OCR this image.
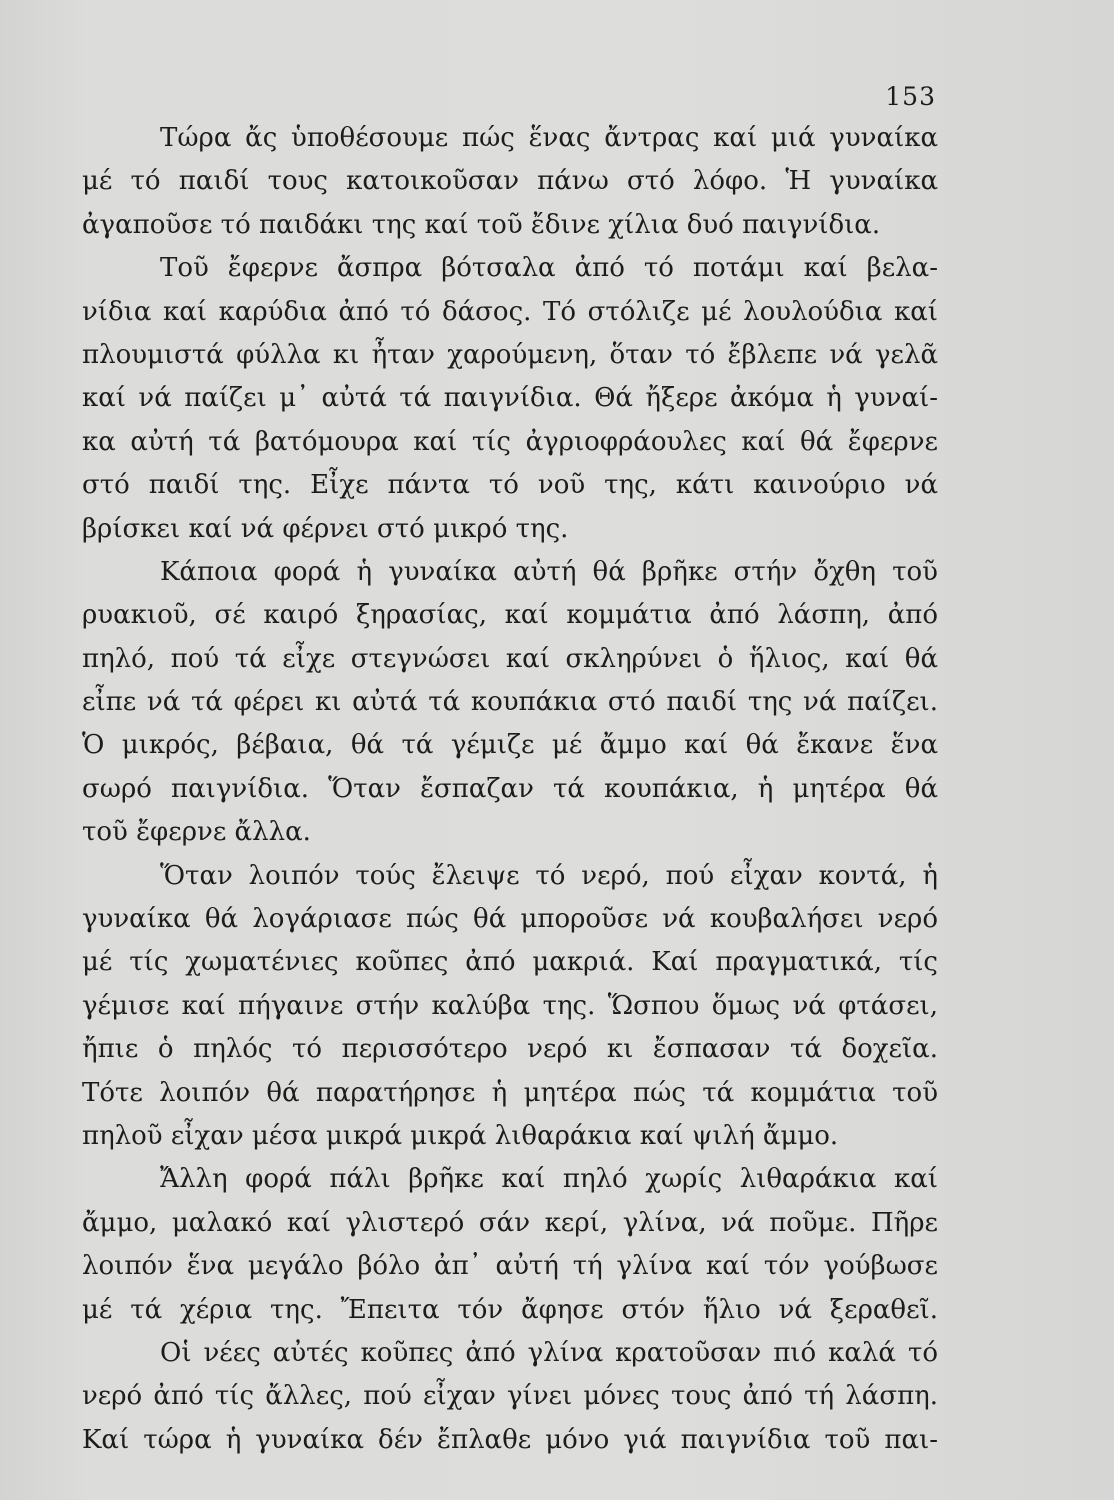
153
Τώρα ἄς ὑποθέσουμε πώς ἕνας ἄντρας καί μιά γυναίκα
μέ τό παιδί τους κατοικοῦσαν πάνω στό λόφο. Ἡ γυναίκα
ἀγαποῦσε τό παιδάκι της καί τοῦ ἔδινε χίλια δυό παιγνίδια.
Τοῦ ἔφερνε ἄσπρα βότσαλα ἀπό τό ποτάμι καί βελα-
νίδια καί καρύδια ἀπό τό δάσος. Τό στόλιζε μέ λουλούδια καί
πλουμιστά φύλλα κι ἦταν χαρούμενη, ὅταν τό ἔβλεπε νά γελᾶ
καί νά παίζει μ᾿ αὐτά τά παιγνίδια. Θά ἤξερε ἀκόμα ἡ γυναί-
κα αὐτή τά βατόμουρα καί τίς ἀγριοφράουλες καί θά ἔφερνε
στό παιδί της. Εἶχε πάντα τό νοῦ της, κάτι καινούριο νά
βρίσκει καί νά φέρνει στό μικρό της.
Κάποια φορά ἡ γυναίκα αὐτή θά βρῆκε στήν ὄχθη τοῦ
ρυακιοῦ, σέ καιρό ξηρασίας, καί κομμάτια ἀπό λάσπη, ἀπό
πηλό, πού τά εἶχε στεγνώσει καί σκληρύνει ὁ ἥλιος, καί θά
εἶπε νά τά φέρει κι αὐτά τά κουπάκια στό παιδί της νά παίζει.
Ὁ μικρός, βέβαια, θά τά γέμιζε μέ ἄμμο καί θά ἔκανε ἕνα
σωρό παιγνίδια. Ὅταν ἔσπαζαν τά κουπάκια, ἡ μητέρα θά
τοῦ ἔφερνε ἄλλα.
Ὅταν λοιπόν τούς ἔλειψε τό νερό, πού εἶχαν κοντά, ἡ
γυναίκα θά λογάριασε πώς θά μποροῦσε νά κουβαλήσει νερό
μέ τίς χωματένιες κοῦπες ἀπό μακριά. Καί πραγματικά, τίς
γέμισε καί πήγαινε στήν καλύβα της. Ὥσπου ὅμως νά φτάσει,
ἤπιε ὁ πηλός τό περισσότερο νερό κι ἔσπασαν τά δοχεῖα.
Τότε λοιπόν θά παρατήρησε ἡ μητέρα πώς τά κομμάτια τοῦ
πηλοῦ εἶχαν μέσα μικρά μικρά λιθαράκια καί ψιλή ἄμμο.
Ἄλλη φορά πάλι βρῆκε καί πηλό χωρίς λιθαράκια καί
ἄμμο, μαλακό καί γλιστερό σάν κερί, γλίνα, νά ποῦμε. Πῆρε
λοιπόν ἕνα μεγάλο βόλο ἀπ᾿ αὐτή τή γλίνα καί τόν γούβωσε
μέ τά χέρια της. Ἔπειτα τόν ἄφησε στόν ἥλιο νά ξεραθεῖ.
Οἱ νέες αὐτές κοῦπες ἀπό γλίνα κρατοῦσαν πιό καλά τό
νερό ἀπό τίς ἄλλες, πού εἶχαν γίνει μόνες τους ἀπό τή λάσπη.
Καί τώρα ἡ γυναίκα δέν ἔπλαθε μόνο γιά παιγνίδια τοῦ παι-
